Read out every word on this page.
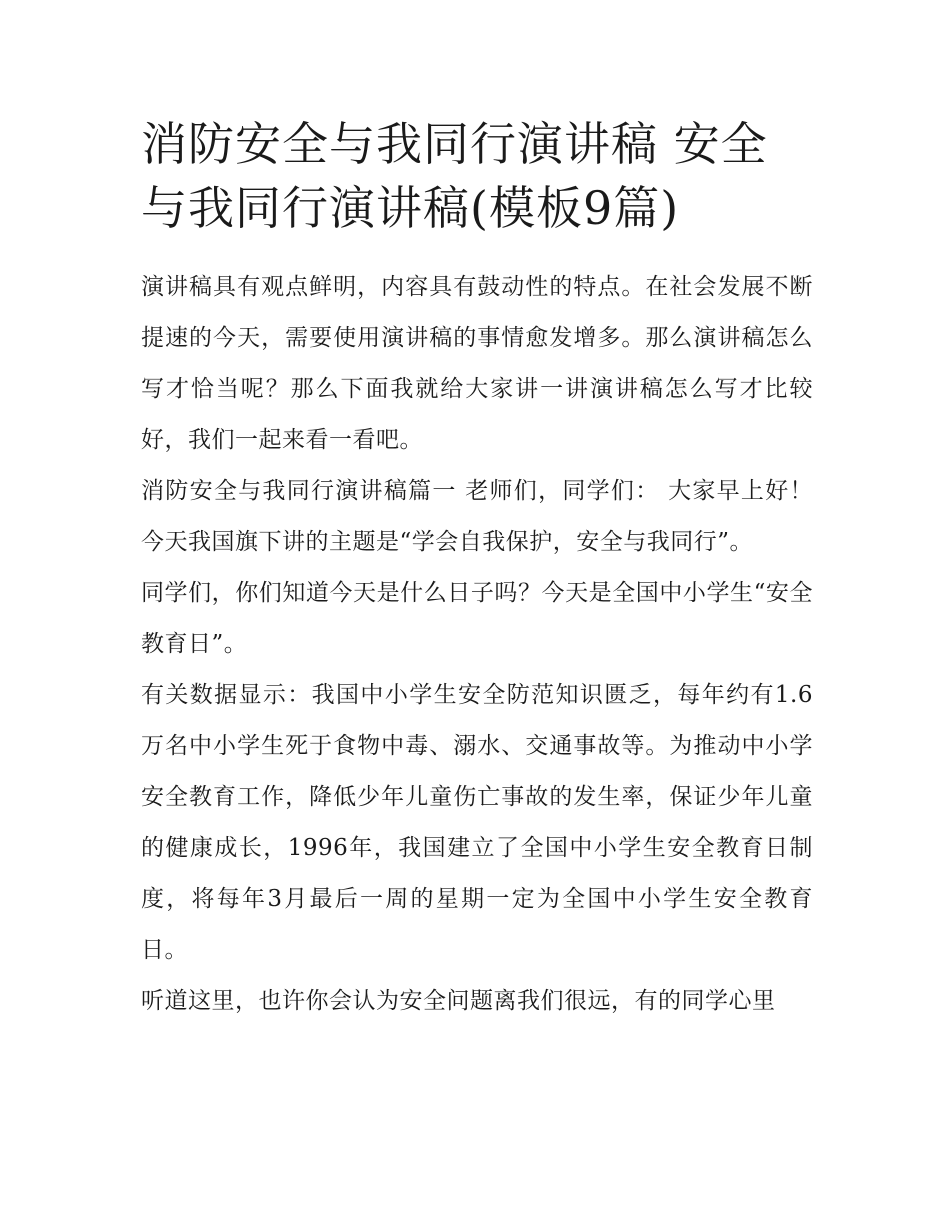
消防安全与我同行演讲稿 安全与我同行演讲稿(模板9篇)

演讲稿具有观点鲜明，内容具有鼓动性的特点。在社会发展不断提速的今天，需要使用演讲稿的事情愈发增多。那么演讲稿怎么写才恰当呢？那么下面我就给大家讲一讲演讲稿怎么写才比较好，我们一起来看一看吧。

消防安全与我同行演讲稿篇一 老师们，同学们： 大家早上好！今天我国旗下讲的主题是“学会自我保护，安全与我同行”。

同学们，你们知道今天是什么日子吗？今天是全国中小学生“安全教育日”。

有关数据显示：我国中小学生安全防范知识匮乏，每年约有1.6万名中小学生死于食物中毒、溺水、交通事故等。为推动中小学安全教育工作，降低少年儿童伤亡事故的发生率，保证少年儿童的健康成长，1996年，我国建立了全国中小学生安全教育日制度，将每年3月最后一周的星期一定为全国中小学生安全教育日。

听道这里，也许你会认为安全问题离我们很远，有的同学心里
